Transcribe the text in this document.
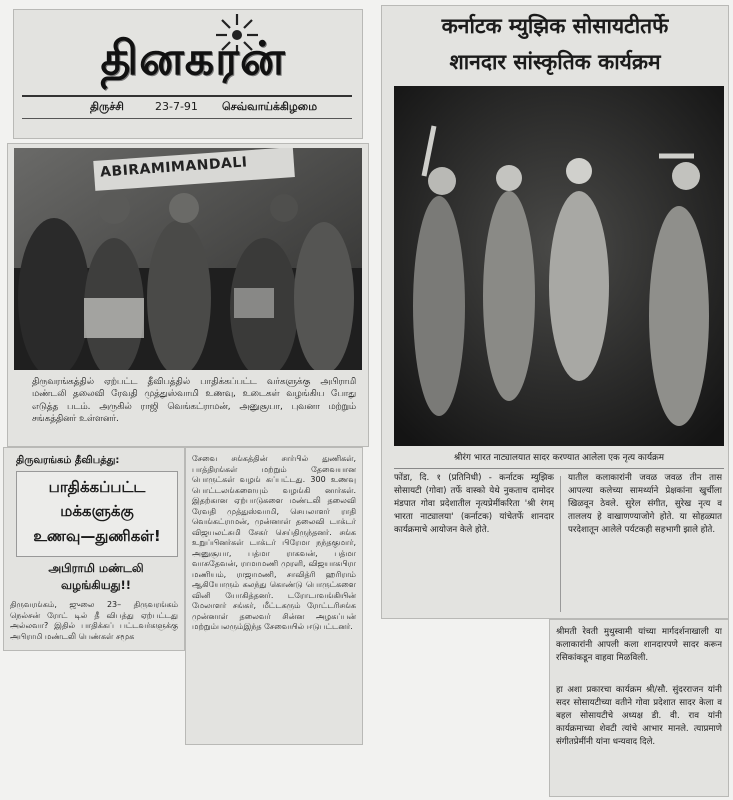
தினகரன்
திருச்சி	23-7-91 செவ்வாய்க்கிழமை
ABIRAMIMANDALI
திருவரங்கத்தில் ஏற்பட்ட தீவிபத்தில் பாதிக்கப்பட்ட வர்களுக்கு அபிராமி மண்டலி தலைவி ரேவதி முத்துஸ்வாமி உணவு, உடைகள் வழங்கிய போது எடுத்த படம். அருகில் ராஜி வெங்கட்ராமன், அனுசூயா, புவனா மற்றும் சங்கத்தினர் உள்ளனர்.
திருவரங்கம் தீவிபத்து:
பாதிக்கப்பட்ட
மக்களுக்கு
உணவு—துணிகள்!
அபிராமி மண்டலி
வழங்கியது!!
திருவரங்கம், ஜுலை 23– திருவரங்கம் நெல்சன் ரோட் டில் தீ விபத்து ஏற்பட்டது அல்லவா? இதில் பாதிக்கப் பட்டவர்களுக்கு அபிராமி மண்டலி பெண்கள் சமூக
சேவை சங்கத்தின் சார்பில் துணிகள், பாத்திரங்கள் மற்றும் தேவையான பொருட்கள் வழங் கப்பட்டது. 300 உணவு பொட்டலங்களையும் வழங்கி னார்கள். இதற்கான ஏற்பாடுகளை மண்டலி தலைவி ரேவதி முத்துஸ்வாமி, செயலாளர் ராதி வெங்கட்ராமன், முன்னாள் தலைவி டாக்டர் விஜயலட்சுமி சேகர் செய்திருந்தனர். சங்க உறுப்பினர்கள் டாக்டர் பிரேமா நந்தகுமார், அனுசூயா, பத்மா ராகவன், பத்மா வாசுதேவன், ராமாமணி முரளி, விஜயாகபிரா மணியம், ராஜாமணி, சாவித்ரி ஹரிராம் ஆகியோரும் கலந்து கொண்டு பொருட்களை வினி யோகித்தனர். டரோடாவங்கியின் மேலாளர் சங்கர், மீட்டகரும் ரோட்டரிசங்க முன்னாள் தலைவர் சின்ன அழகப்பன் மற்றும்பலரும்இந்த சேவையில் ஈடுபட்டனர்.
कर्नाटक म्युझिक सोसायटीतर्फे
शानदार सांस्कृतिक कार्यक्रम
श्रीरंग भारत नाट्यालयात सादर करण्यात आलेला एक नृत्य कार्यक्रम
फोंडा, दि. १ (प्रतिनिधी) - कर्नाटक म्युझिक सोसायटी (गोवा) तर्फे वास्को येथे नुकताच दामोदर मंडपात गोवा प्रदेशातील नृत्यप्रेमींकरिता 'श्री रंगम् भारता नाट्यालया' (कर्नाटक) यांचेतर्फे शानदार कार्यक्रमाचे आयोजन केले होते.
यातील कलाकारांनी जवळ जवळ तीन तास आपल्या कलेच्या सामर्थ्याने प्रेक्षकांना खुर्चीला खिळवून ठेवले. सुरेल संगीत, सुरेख नृत्य व ताललय हे वाखाणण्याजोगे होते. या सोहळ्यात परदेशातून आलेले पर्यटकही सहभागी झाले होते.
श्रीमती रेवती मुथुस्वामी यांच्या मार्गदर्शनाखाली या कलाकारांनी आपली कला शानदारपणे सादर करून रसिकांकडून वाहवा मिळविली.
हा अशा प्रकारचा कार्यक्रम श्री/सौ. सुंदरराजन यांनी सदर सोसायटीच्या वतीने गोवा प्रदेशात सादर केला व बहल सोसायटीचे अध्यक्ष डी. वी. राव यांनी कार्यक्रमाच्या शेवटी त्यांचे आभार मानले. त्याप्रमाणे संगीतप्रेमींनी यांना धन्यवाद दिले.
